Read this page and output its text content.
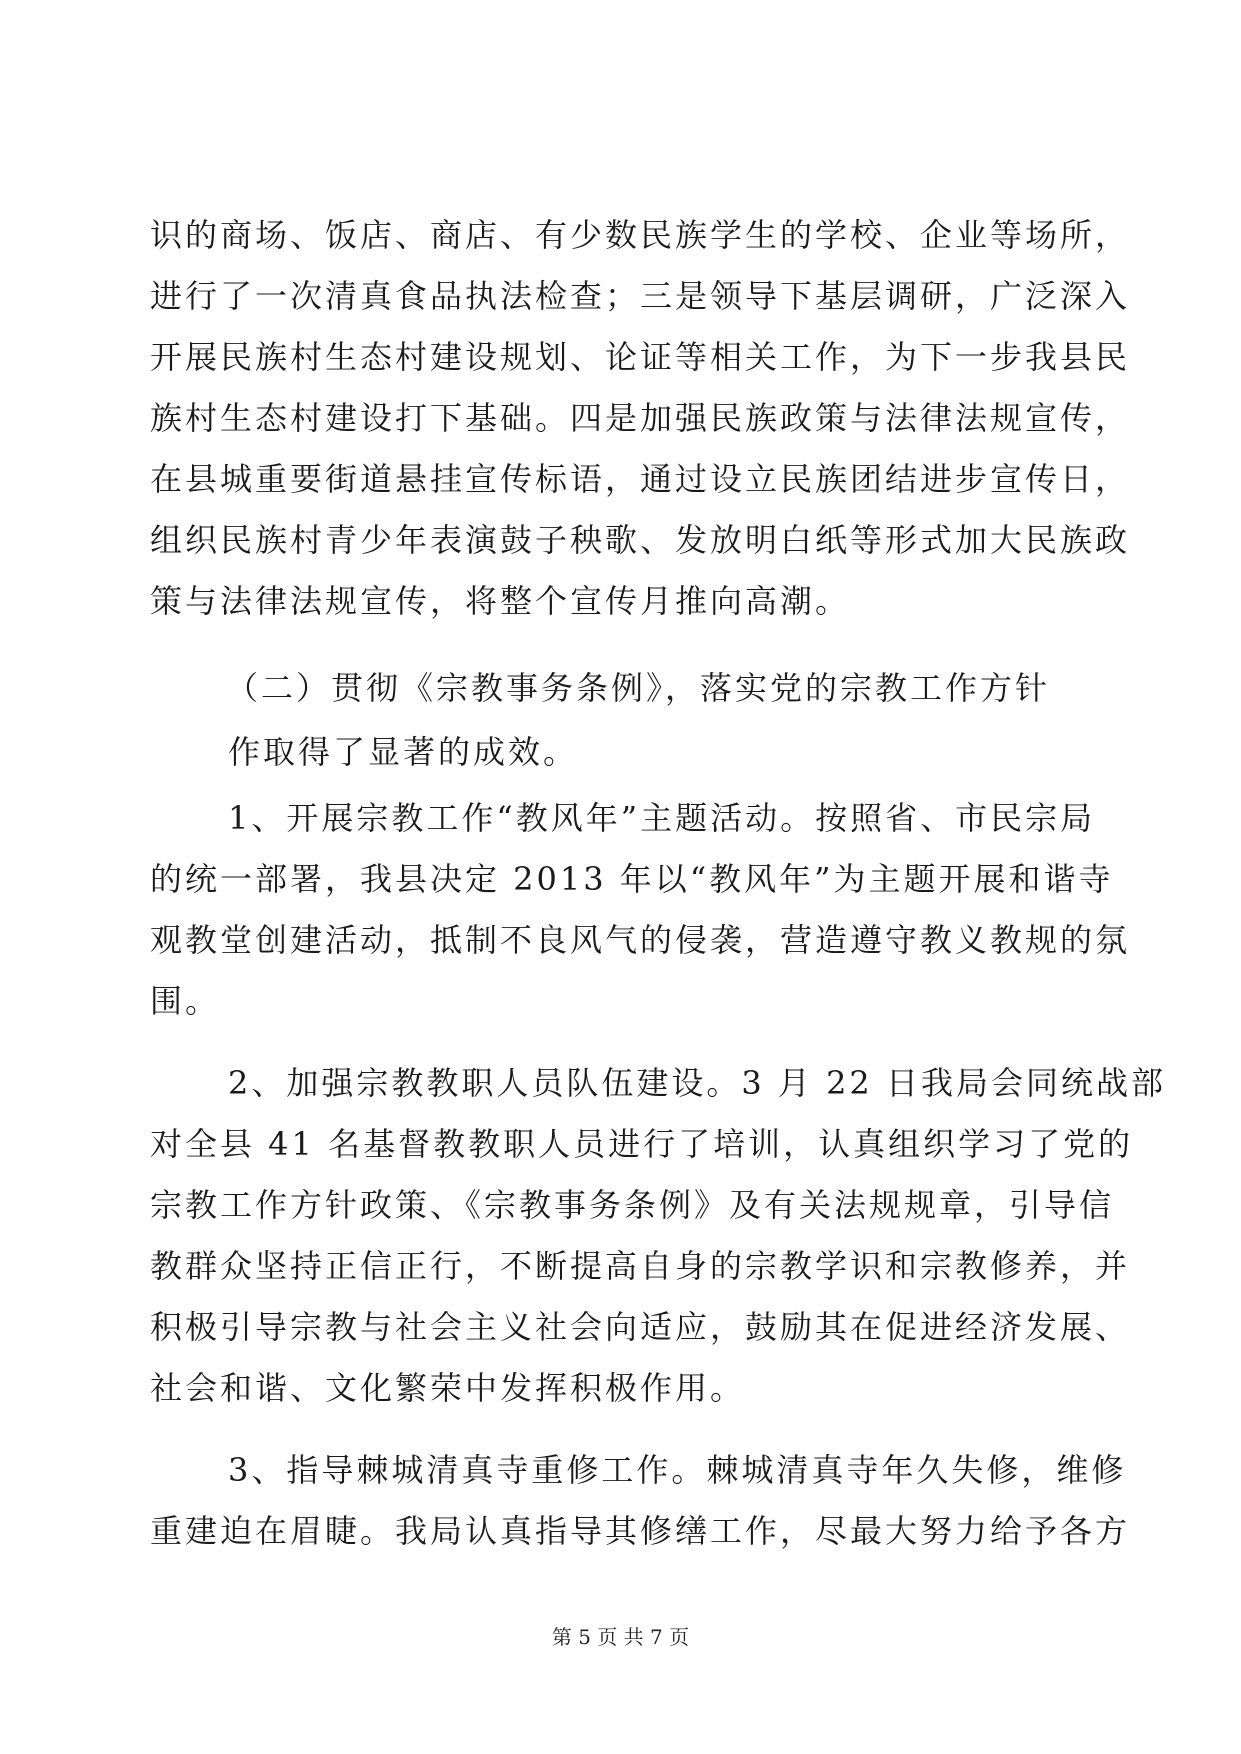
识的商场、饭店、商店、有少数民族学生的学校、企业等场所，
进行了一次清真食品执法检查；三是领导下基层调研，广泛深入
开展民族村生态村建设规划、论证等相关工作，为下一步我县民
族村生态村建设打下基础。四是加强民族政策与法律法规宣传，
在县城重要街道悬挂宣传标语，通过设立民族团结进步宣传日，
组织民族村青少年表演鼓子秧歌、发放明白纸等形式加大民族政
策与法律法规宣传，将整个宣传月推向高潮。
（二）贯彻《宗教事务条例》，落实党的宗教工作方针
作取得了显著的成效。
1、开展宗教工作“教风年”主题活动。按照省、市民宗局
的统一部署，我县决定 2013 年以“教风年”为主题开展和谐寺
观教堂创建活动，抵制不良风气的侵袭，营造遵守教义教规的氛
围。
2、加强宗教教职人员队伍建设。3 月 22 日我局会同统战部
对全县 41 名基督教教职人员进行了培训，认真组织学习了党的
宗教工作方针政策、《宗教事务条例》及有关法规规章，引导信
教群众坚持正信正行，不断提高自身的宗教学识和宗教修养，并
积极引导宗教与社会主义社会向适应，鼓励其在促进经济发展、
社会和谐、文化繁荣中发挥积极作用。
3、指导棘城清真寺重修工作。棘城清真寺年久失修，维修
重建迫在眉睫。我局认真指导其修缮工作，尽最大努力给予各方
第 5 页 共 7 页
